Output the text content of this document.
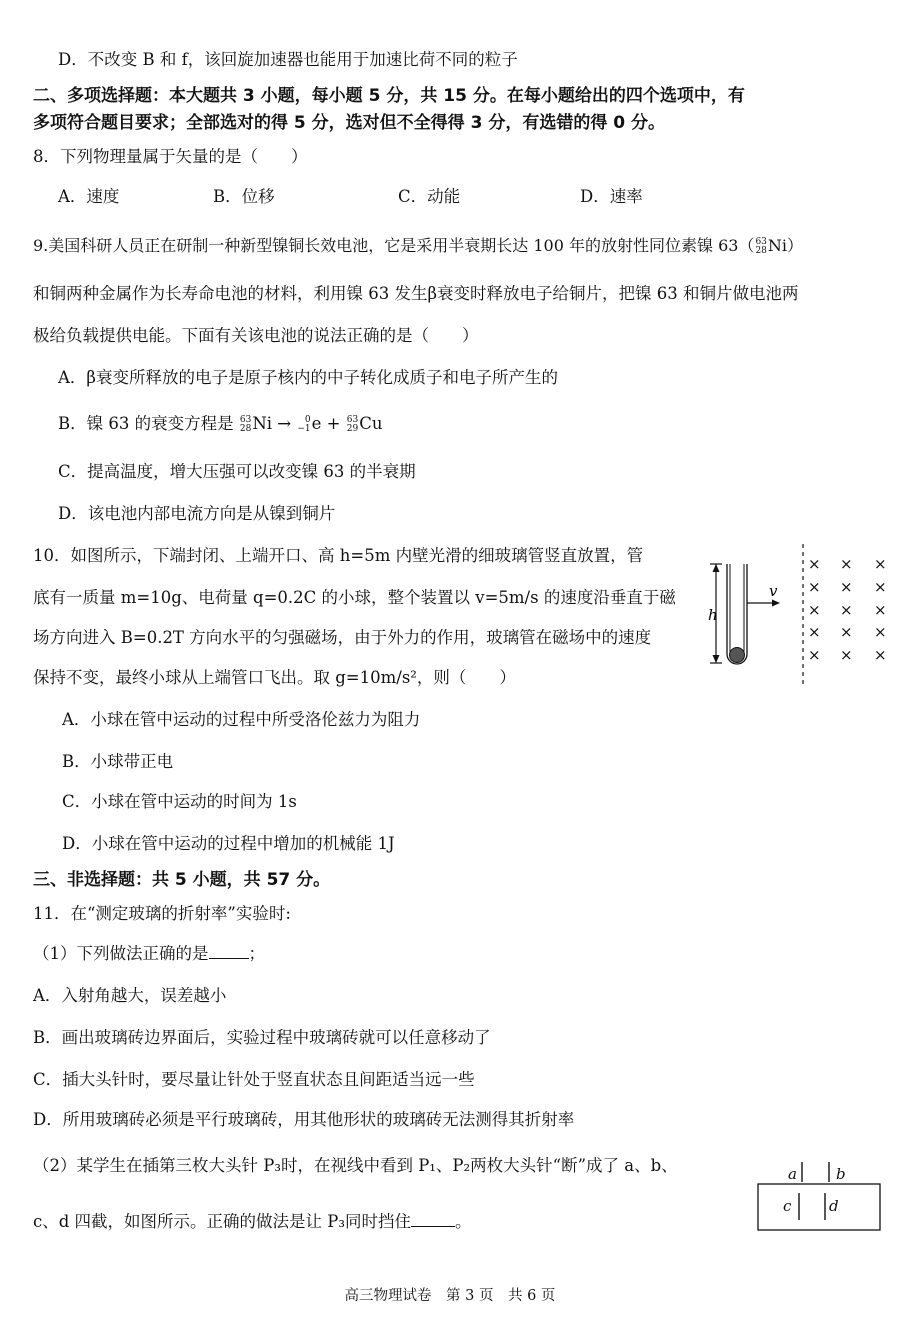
D．不改变 B 和 f，该回旋加速器也能用于加速比荷不同的粒子
二、多项选择题：本大题共 3 小题，每小题 5 分，共 15 分。在每小题给出的四个选项中，有
多项符合题目要求；全部选对的得 5 分，选对但不全得得 3 分，有选错的得 0 分。
8．下列物理量属于矢量的是（　　）
A．速度	B．位移	C．动能	D．速率
9.美国科研人员正在研制一种新型镍铜长效电池，它是采用半衰期长达 100 年的放射性同位素镍 63（ 63
28 Ni）
和铜两种金属作为长寿命电池的材料，利用镍 63 发生β衰变时释放电子给铜片，把镍 63 和铜片做电池两
极给负载提供电能。下面有关该电池的说法正确的是（　　）
A．β衰变所释放的电子是原子核内的中子转化成质子和电子所产生的
B．镍 63 的衰变方程是 63
28 Ni →	0
−1 e + 63
29 Cu
C．提高温度，增大压强可以改变镍 63 的半衰期
D．该电池内部电流方向是从镍到铜片
10．如图所示，下端封闭、上端开口、高 h=5m 内壁光滑的细玻璃管竖直放置，管
底有一质量 m=10g、电荷量 q=0.2C 的小球，整个装置以 v=5m/s 的速度沿垂直于磁
场方向进入 B=0.2T 方向水平的匀强磁场，由于外力的作用，玻璃管在磁场中的速度
保持不变，最终小球从上端管口飞出。取 g=10m/s²，则（　　）
h
v
× × ×
× × ×
× × ×
× × ×
× × ×
A．小球在管中运动的过程中所受洛伦兹力为阻力
B．小球带正电
C．小球在管中运动的时间为 1s
D．小球在管中运动的过程中增加的机械能 1J
三、非选择题：共 5 小题，共 57 分。
11．在“测定玻璃的折射率”实验时:
（1）下列做法正确的是 ；
A．入射角越大，误差越小
B．画出玻璃砖边界面后，实验过程中玻璃砖就可以任意移动了
C．插大头针时，要尽量让针处于竖直状态且间距适当远一些
D．所用玻璃砖必须是平行玻璃砖，用其他形状的玻璃砖无法测得其折射率
（2）某学生在插第三枚大头针 P₃时，在视线中看到 P₁、P₂两枚大头针“断”成了 a、b、
c、d 四截，如图所示。正确的做法是让 P₃同时挡住	。
a	b
c	d
高三物理试卷　第 3 页　共 6 页
